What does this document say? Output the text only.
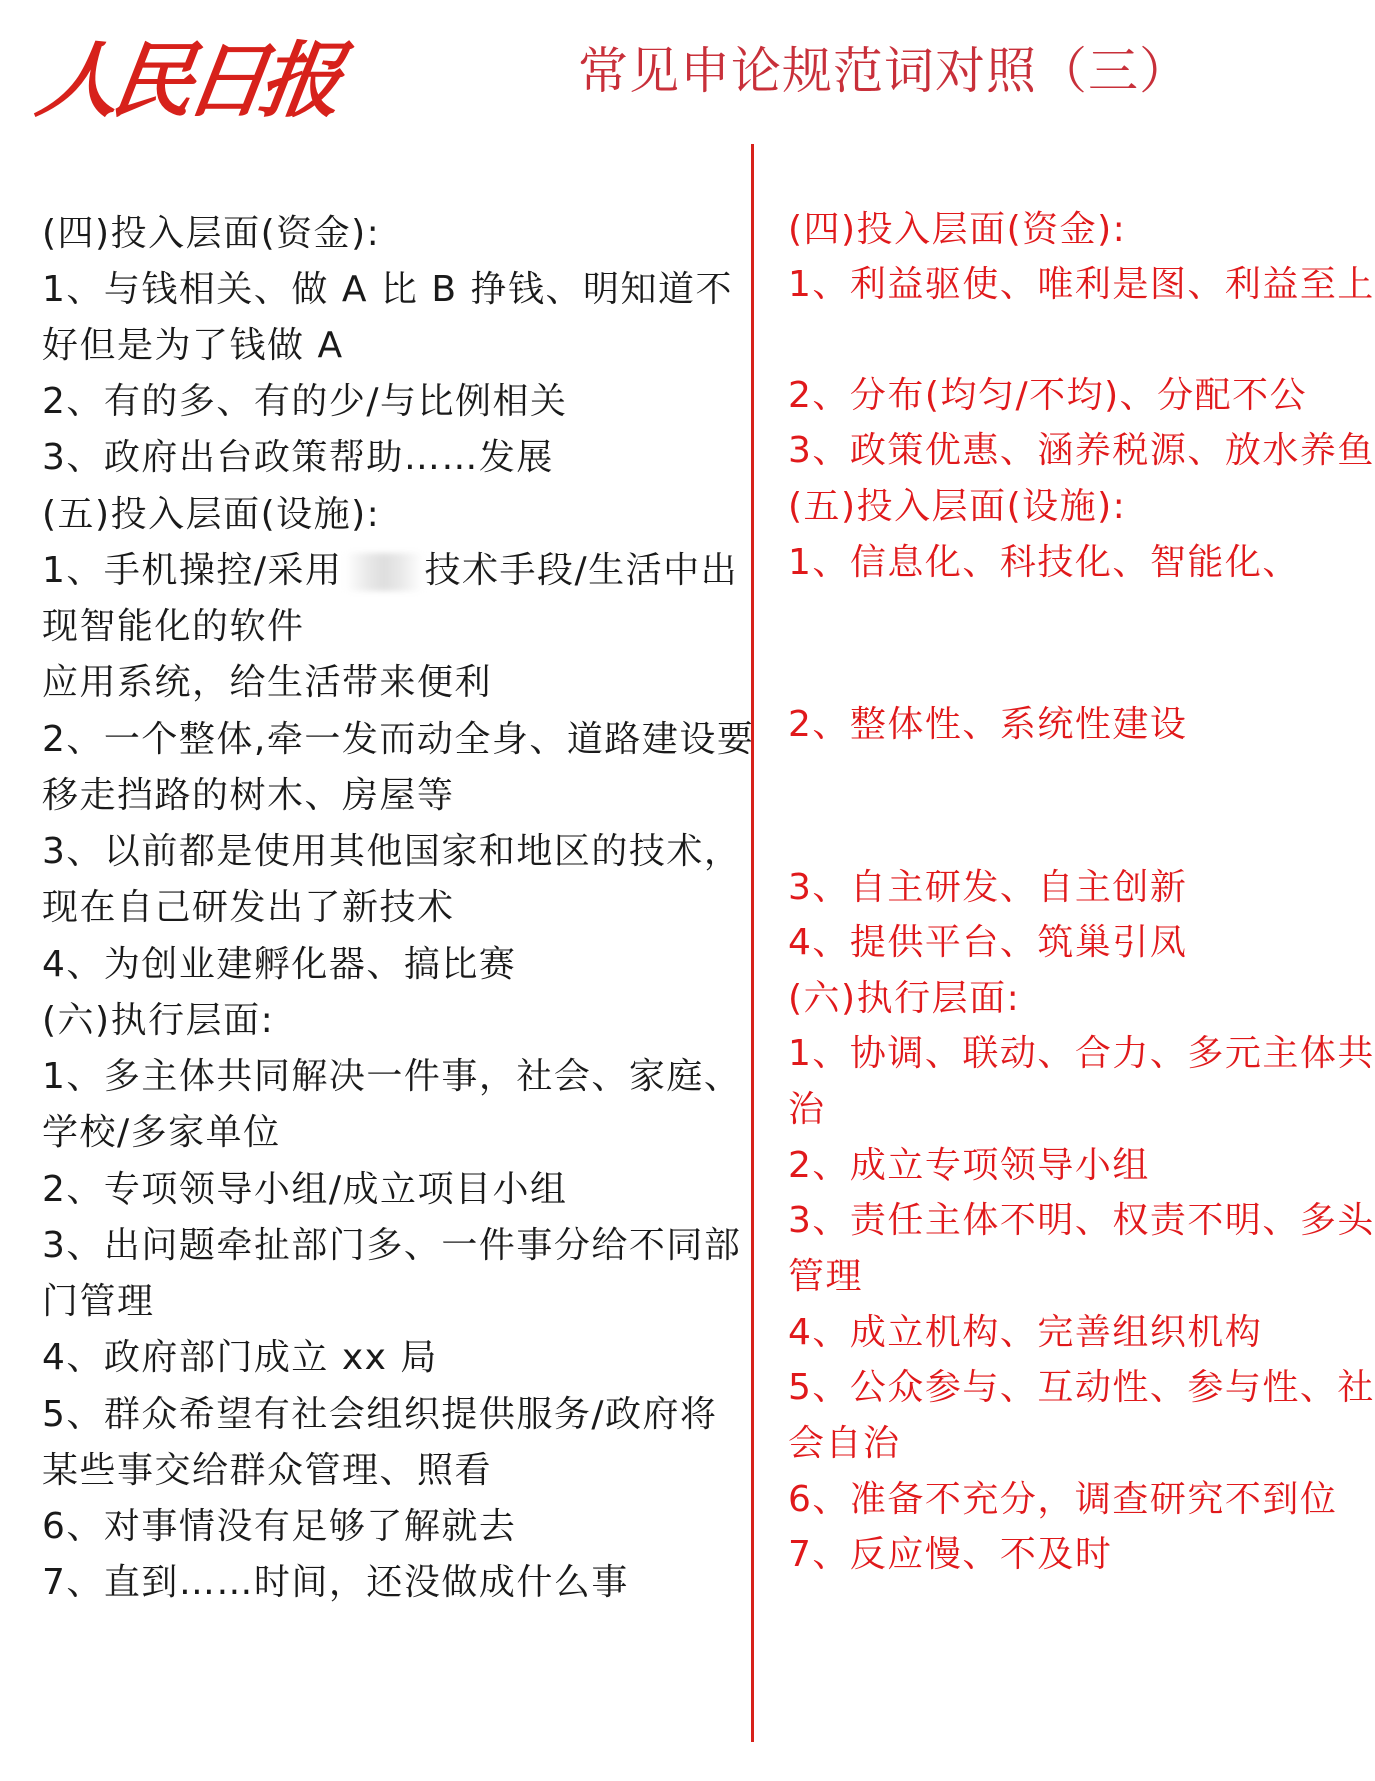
人民日报	常见申论规范词对照（三）
(四)投入层面(资金):
1、与钱相关、做 A 比 B 挣钱、明知道不
好但是为了钱做 A
2、有的多、有的少/与比例相关
3、政府出台政策帮助……发展
(五)投入层面(设施):
1、手机操控/采用 技术手段/生活中出
现智能化的软件
应用系统，给生活带来便利
2、一个整体,牵一发而动全身、道路建设要
移走挡路的树木、房屋等
3、以前都是使用其他国家和地区的技术，
现在自己研发出了新技术
4、为创业建孵化器、搞比赛
(六)执行层面:
1、多主体共同解决一件事，社会、家庭、
学校/多家单位
2、专项领导小组/成立项目小组
3、出问题牵扯部门多、一件事分给不同部
门管理
4、政府部门成立 xx 局
5、群众希望有社会组织提供服务/政府将
某些事交给群众管理、照看
6、对事情没有足够了解就去
7、直到……时间，还没做成什么事
(四)投入层面(资金):
1、利益驱使、唯利是图、利益至上
2、分布(均匀/不均)、分配不公
3、政策优惠、涵养税源、放水养鱼
(五)投入层面(设施):
1、信息化、科技化、智能化、
2、整体性、系统性建设
3、自主研发、自主创新
4、提供平台、筑巢引凤
(六)执行层面:
1、协调、联动、合力、多元主体共
治
2、成立专项领导小组
3、责任主体不明、权责不明、多头
管理
4、成立机构、完善组织机构
5、公众参与、互动性、参与性、社
会自治
6、准备不充分，调查研究不到位
7、反应慢、不及时
